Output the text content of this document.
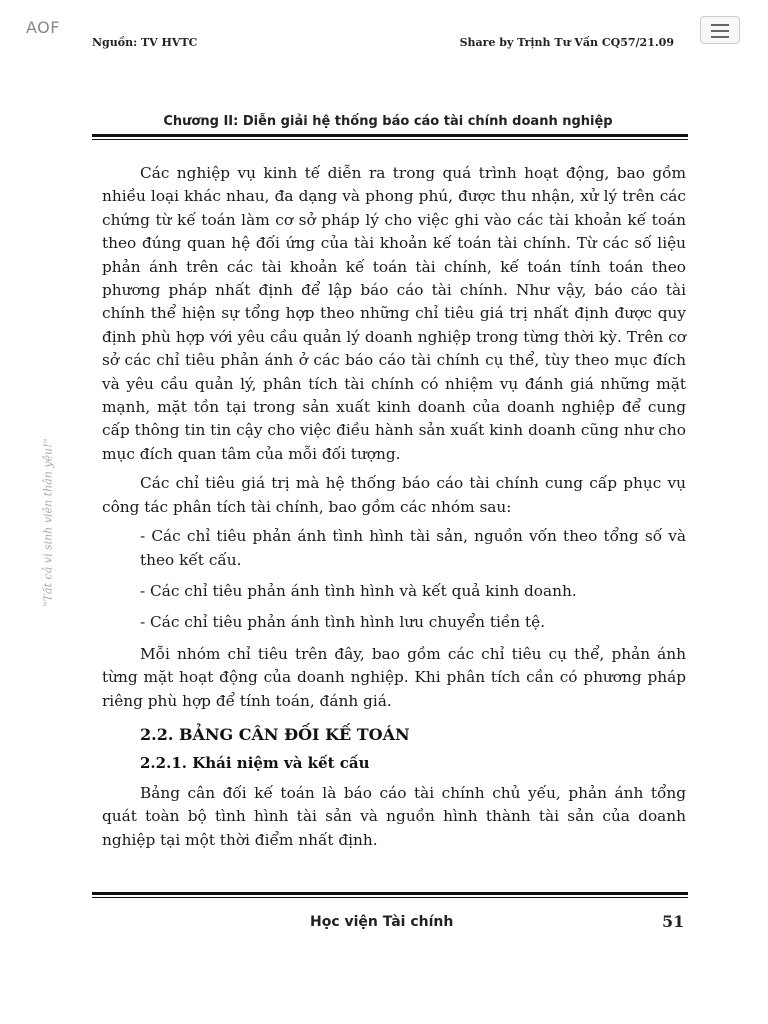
AOF
Nguồn: TV HVTC	Share by Trịnh Tư Vấn CQ57/21.09
Chương II: Diễn giải hệ thống báo cáo tài chính doanh nghiệp
"Tất cả vì sinh viên thân yêu!"

Các nghiệp vụ kinh tế diễn ra trong quá trình hoạt động, bao gồm nhiều loại khác nhau, đa dạng và phong phú, được thu nhận, xử lý trên các chứng từ kế toán làm cơ sở pháp lý cho việc ghi vào các tài khoản kế toán theo đúng quan hệ đối ứng của tài khoản kế toán tài chính. Từ các số liệu phản ánh trên các tài khoản kế toán tài chính, kế toán tính toán theo phương pháp nhất định để lập báo cáo tài chính. Như vậy, báo cáo tài chính thể hiện sự tổng hợp theo những chỉ tiêu giá trị nhất định được quy định phù hợp với yêu cầu quản lý doanh nghiệp trong từng thời kỳ. Trên cơ sở các chỉ tiêu phản ánh ở các báo cáo tài chính cụ thể, tùy theo mục đích và yêu cầu quản lý, phân tích tài chính có nhiệm vụ đánh giá những mặt mạnh, mặt tồn tại trong sản xuất kinh doanh của doanh nghiệp để cung cấp thông tin tin cậy cho việc điều hành sản xuất kinh doanh cũng như cho mục đích quan tâm của mỗi đối tượng.

Các chỉ tiêu giá trị mà hệ thống báo cáo tài chính cung cấp phục vụ công tác phân tích tài chính, bao gồm các nhóm sau:

- Các chỉ tiêu phản ánh tình hình tài sản, nguồn vốn theo tổng số và theo kết cấu.

- Các chỉ tiêu phản ánh tình hình và kết quả kinh doanh.

- Các chỉ tiêu phản ánh tình hình lưu chuyển tiền tệ.

Mỗi nhóm chỉ tiêu trên đây, bao gồm các chỉ tiêu cụ thể, phản ánh từng mặt hoạt động của doanh nghiệp. Khi phân tích cần có phương pháp riêng phù hợp để tính toán, đánh giá.

2.2. BẢNG CÂN ĐỐI KẾ TOÁN
2.2.1. Khái niệm và kết cấu

Bảng cân đối kế toán là báo cáo tài chính chủ yếu, phản ánh tổng quát toàn bộ tình hình tài sản và nguồn hình thành tài sản của doanh nghiệp tại một thời điểm nhất định.

Học viện Tài chính	51
